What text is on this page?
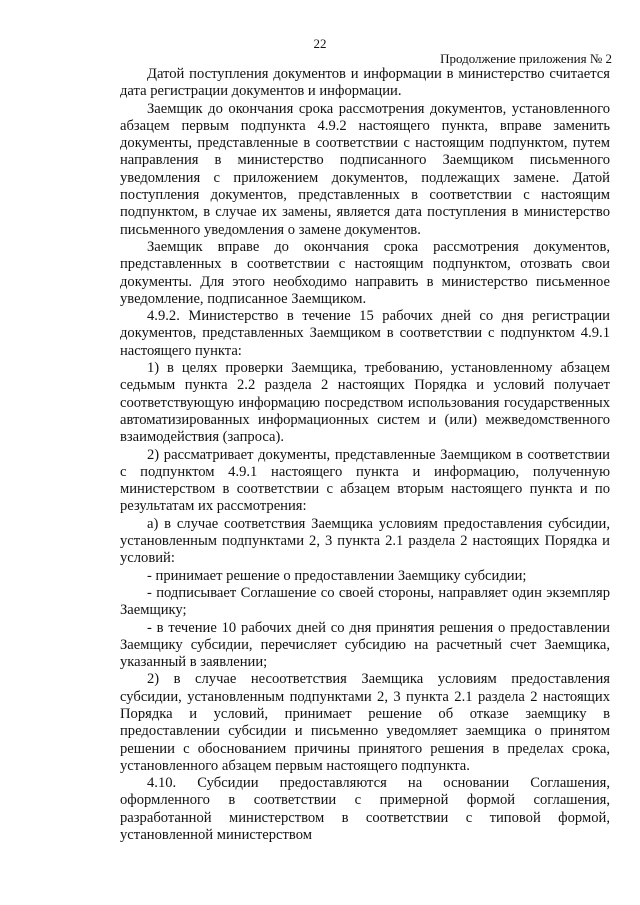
22
Продолжение приложения № 2

Датой поступления документов и информации в министерство считается дата регистрации документов и информации.

Заемщик до окончания срока рассмотрения документов, установленного абзацем первым подпункта 4.9.2 настоящего пункта, вправе заменить документы, представленные в соответствии с настоящим подпунктом, путем направления в министерство подписанного Заемщиком письменного уведомления с приложением документов, подлежащих замене. Датой поступления документов, представленных в соответствии с настоящим подпунктом, в случае их замены, является дата поступления в министерство письменного уведомления о замене документов.

Заемщик вправе до окончания срока рассмотрения документов, представленных в соответствии с настоящим подпунктом, отозвать свои документы. Для этого необходимо направить в министерство письменное уведомление, подписанное Заемщиком.

4.9.2. Министерство в течение 15 рабочих дней со дня регистрации документов, представленных Заемщиком в соответствии с подпунктом 4.9.1 настоящего пункта:

1) в целях проверки Заемщика, требованию, установленному абзацем седьмым пункта 2.2 раздела 2 настоящих Порядка и условий получает соответствующую информацию посредством использования государственных автоматизированных информационных систем и (или) межведомственного взаимодействия (запроса).

2) рассматривает документы, представленные Заемщиком в соответствии с подпунктом 4.9.1 настоящего пункта и информацию, полученную министерством в соответствии с абзацем вторым настоящего пункта и по результатам их рассмотрения:

а) в случае соответствия Заемщика условиям предоставления субсидии, установленным подпунктами 2, 3 пункта 2.1 раздела 2 настоящих Порядка и условий:

- принимает решение о предоставлении Заемщику субсидии;

- подписывает Соглашение со своей стороны, направляет один экземпляр Заемщику;

- в течение 10 рабочих дней со дня принятия решения о предоставлении Заемщику субсидии, перечисляет субсидию на расчетный счет Заемщика, указанный в заявлении;

2) в случае несоответствия Заемщика условиям предоставления субсидии, установленным подпунктами 2, 3 пункта 2.1 раздела 2 настоящих Порядка и условий, принимает решение об отказе заемщику в предоставлении субсидии и письменно уведомляет заемщика о принятом решении с обоснованием причины принятого решения в пределах срока, установленного абзацем первым настоящего подпункта.

4.10. Субсидии предоставляются на основании Соглашения, оформленного в соответствии с примерной формой соглашения, разработанной министерством в соответствии с типовой формой, установленной министерством
